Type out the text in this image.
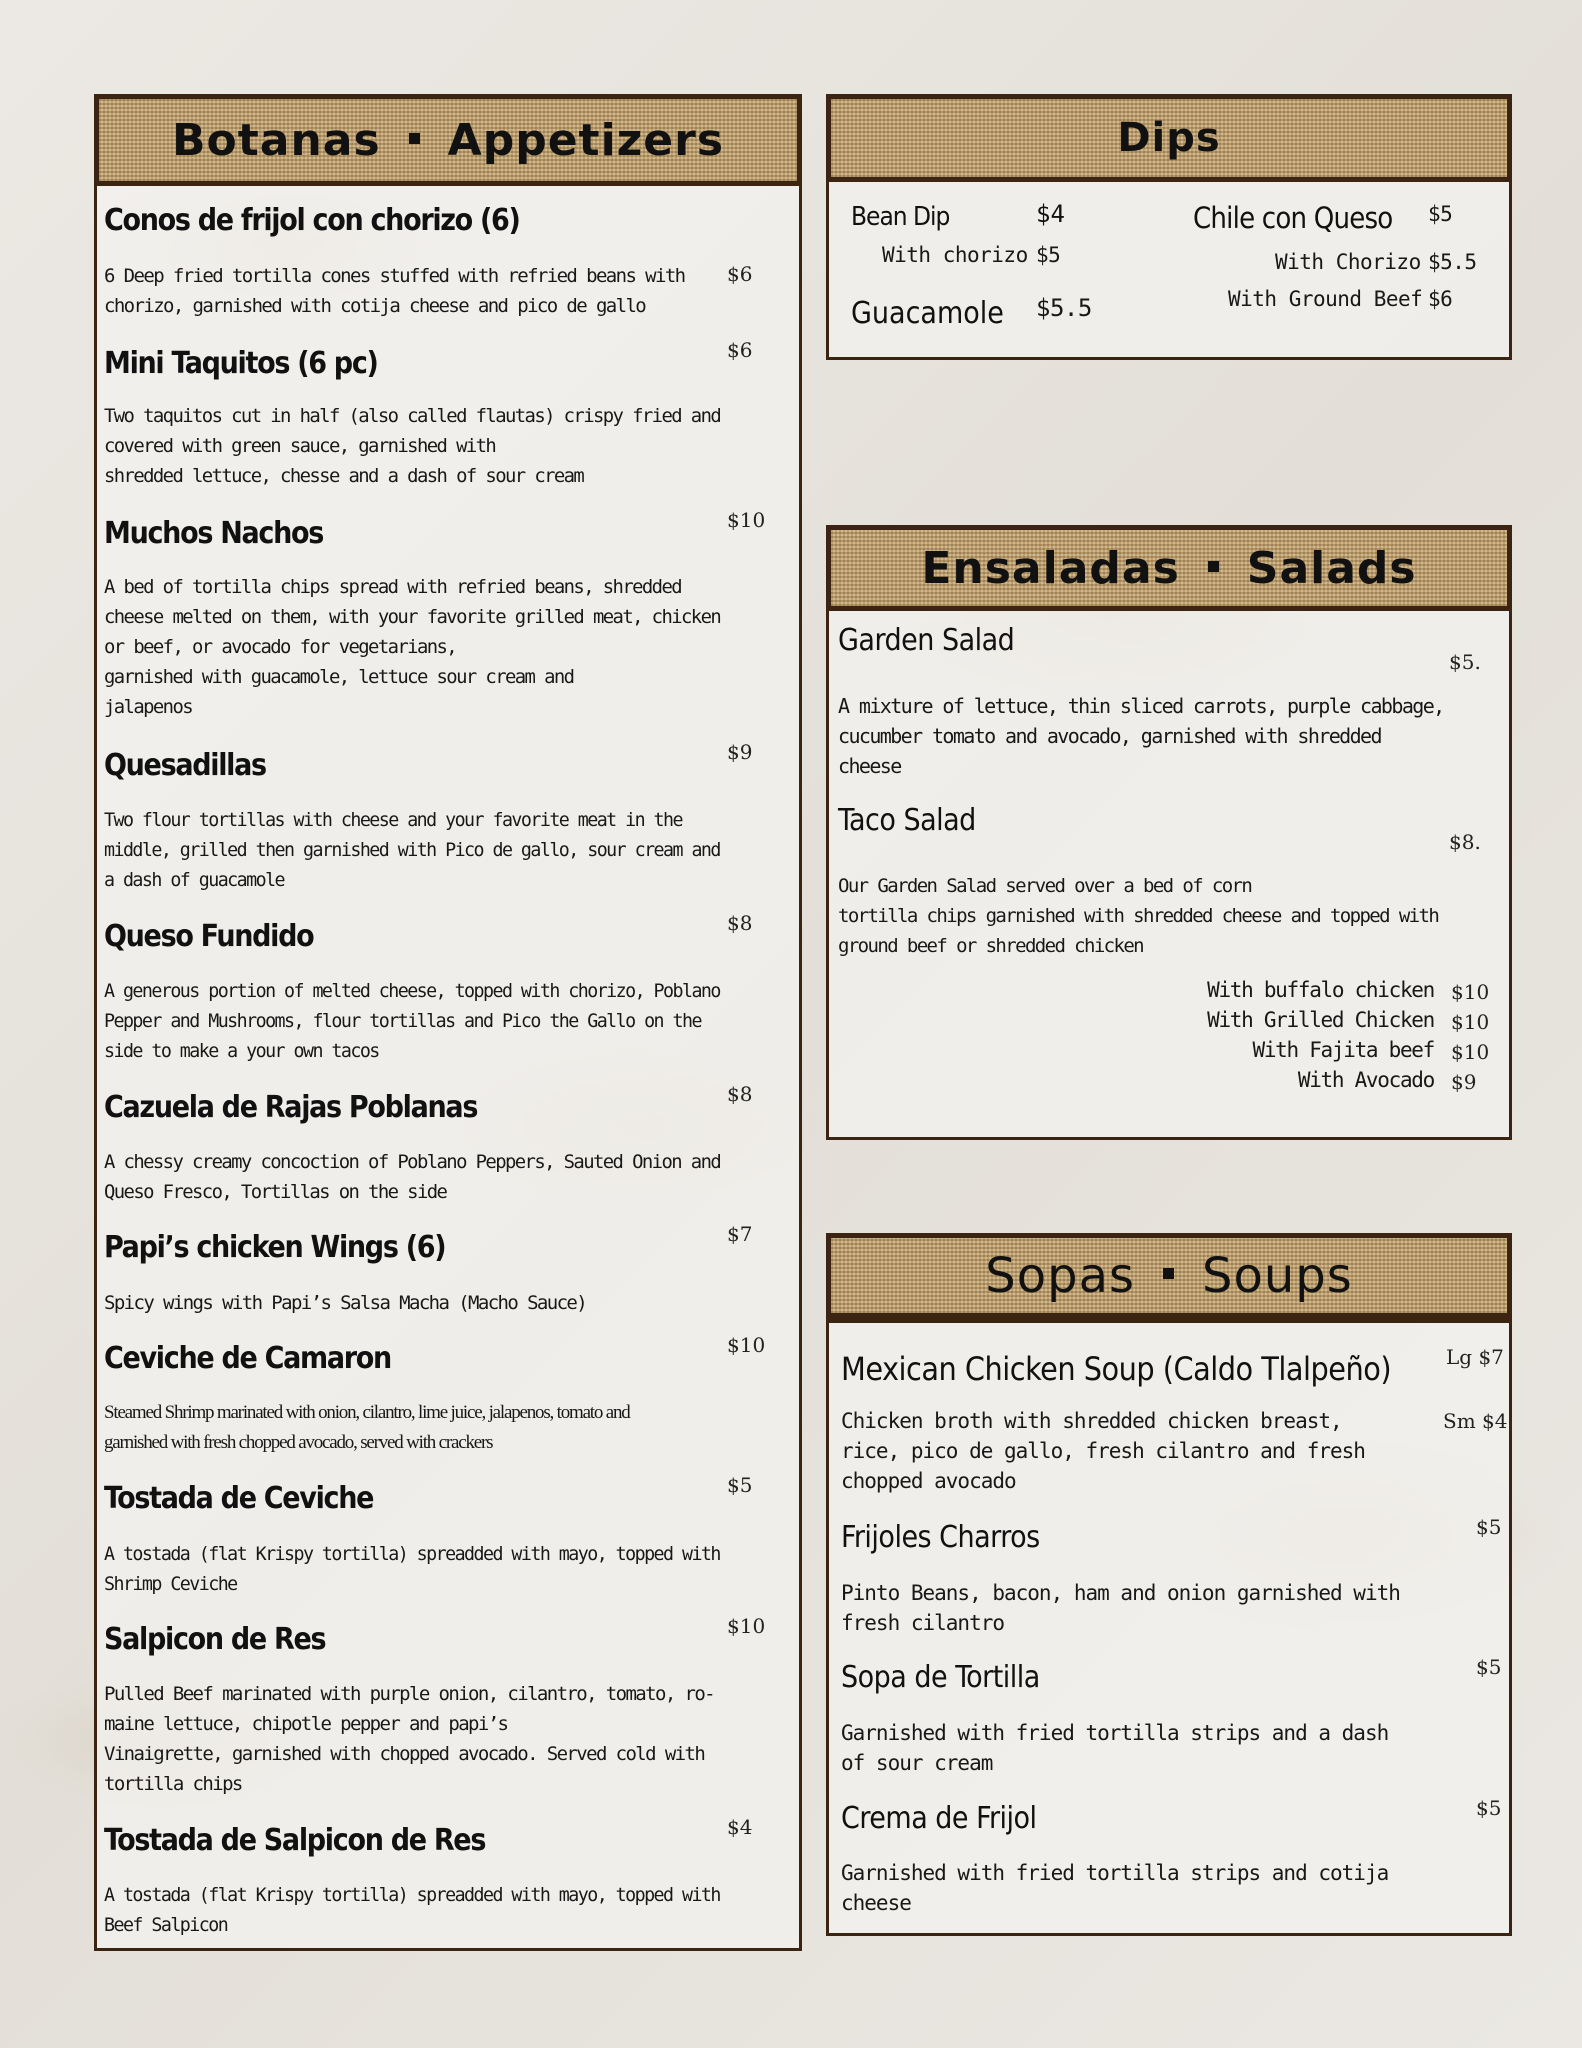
Botanas Appetizers
Conos de frijol con chorizo (6)
$6
6 Deep fried tortilla cones stuffed with refried beans with
chorizo, garnished with cotija cheese and pico de gallo
Mini Taquitos (6 pc)	$6
Two taquitos cut in half (also called flautas) crispy fried and
covered with green sauce, garnished with
shredded lettuce, chesse and a dash of sour cream
Muchos Nachos	$10
A bed of tortilla chips spread with refried beans, shredded
cheese melted on them, with your favorite grilled meat, chicken
or beef, or avocado for vegetarians,
garnished with guacamole, lettuce sour cream and
jalapenos
Quesadillas	$9
Two flour tortillas with cheese and your favorite meat in the
middle, grilled then garnished with Pico de gallo, sour cream and
a dash of guacamole
Queso Fundido	$8
A generous portion of melted cheese, topped with chorizo, Poblano
Pepper and Mushrooms, flour tortillas and Pico the Gallo on the
side to make a your own tacos
Cazuela de Rajas Poblanas	$8
A chessy creamy concoction of Poblano Peppers, Sauted Onion and
Queso Fresco, Tortillas on the side
Papi’s chicken Wings (6)	$7
Spicy wings with Papi’s Salsa Macha (Macho Sauce)
Ceviche de Camaron	$10
Steamed Shrimp marinated with onion, cilantro, lime juice, jalapenos, tomato and
garnished with fresh chopped avocado, served with crackers
Tostada de Ceviche	$5
A tostada (flat Krispy tortilla) spreadded with mayo, topped with
Shrimp Ceviche
Salpicon de Res	$10
Pulled Beef marinated with purple onion, cilantro, tomato, ro-
maine lettuce, chipotle pepper and papi’s
Vinaigrette, garnished with chopped avocado. Served cold with
tortilla chips
Tostada de Salpicon de Res	$4
A tostada (flat Krispy tortilla) spreadded with mayo, topped with
Beef Salpicon
Dips
Bean Dip	$4
With chorizo $5
Guacamole $5.5
Chile con Queso $5
With Chorizo $5.5
With Ground Beef $6
Ensaladas Salads
Garden Salad
$5.
A mixture of lettuce, thin sliced carrots, purple cabbage,
cucumber tomato and avocado, garnished with shredded
cheese
Taco Salad
$8.
Our Garden Salad served over a bed of corn
tortilla chips garnished with shredded cheese and topped with
ground beef or shredded chicken
With buffalo chicken $10
With Grilled Chicken $10
With Fajita beef $10
With Avocado $9
Sopas Soups
Mexican Chicken Soup (Caldo Tlalpeño)	Lg $7
Sm $4
Chicken broth with shredded chicken breast,
rice, pico de gallo, fresh cilantro and fresh
chopped avocado
Frijoles Charros	$5
Pinto Beans, bacon, ham and onion garnished with
fresh cilantro
Sopa de Tortilla	$5
Garnished with fried tortilla strips and a dash
of sour cream
Crema de Frijol	$5
Garnished with fried tortilla strips and cotija
cheese
